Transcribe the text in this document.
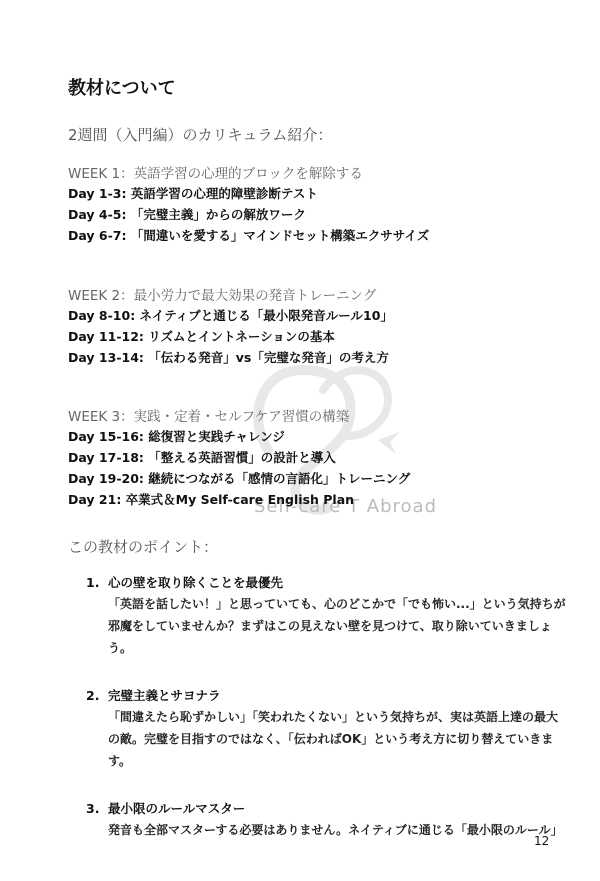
Self-care T Abroad
教材について
2週間（入門編）のカリキュラム紹介：
WEEK 1：英語学習の心理的ブロックを解除する
Day 1-3: 英語学習の心理的障壁診断テスト
Day 4-5: 「完璧主義」からの解放ワーク
Day 6-7: 「間違いを愛する」マインドセット構築エクササイズ
WEEK 2：最小労力で最大効果の発音トレーニング
Day 8-10: ネイティブと通じる「最小限発音ルール10」
Day 11-12: リズムとイントネーションの基本
Day 13-14: 「伝わる発音」vs「完璧な発音」の考え方
WEEK 3：実践・定着・セルフケア習慣の構築
Day 15-16: 総復習と実践チャレンジ
Day 17-18: 「整える英語習慣」の設計と導入
Day 19-20: 継続につながる「感情の言語化」トレーニング
Day 21: 卒業式＆My Self-care English Plan
この教材のポイント：
1. 心の壁を取り除くことを最優先
「英語を話したい！」と思っていても、心のどこかで「でも怖い...」という気持ちが邪魔をしていませんか？まずはこの見えない壁を見つけて、取り除いていきましょう。
2. 完璧主義とサヨナラ
「間違えたら恥ずかしい」「笑われたくない」という気持ちが、実は英語上達の最大の敵。完璧を目指すのではなく、「伝わればOK」という考え方に切り替えていきます。
3. 最小限のルールマスター
発音も全部マスターする必要はありません。ネイティブに通じる「最小限のルール」
12
